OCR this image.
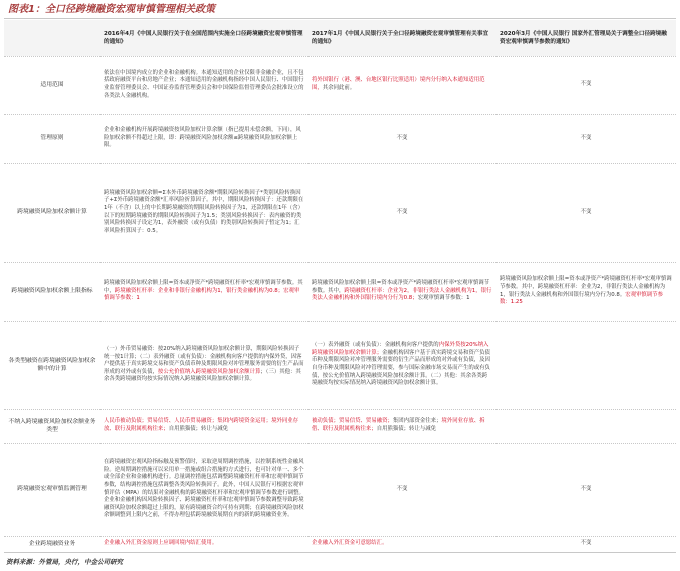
图表1：全口径跨境融资宏观审慎管理相关政策
	2016年4月《中国人民银行关于在全国范围内实施全口径跨境融资宏观审慎管理的通知》	2017年1月《中国人民银行关于全口径跨境融资宏观审慎管理有关事宜的通知》	2020年3月《中国人民银行 国家外汇管理局关于调整全口径跨境融资宏观审慎调节参数的通知》
适用范围	依法在中国境内成立的企业和金融机构。本通知适用的企业仅限非金融企业，且不包括政府融资平台和房地产企业；本通知适用的金融机构指经中国人民银行、中国银行业监督管理委员会、中国证券监督管理委员会和中国保险监督管理委员会批准设立的各类法人金融机构。	将外国银行（港、澳、台地区银行比照适用）境内分行纳入本通知适用范围，其余同此前。	不变
管理原则	企业和金融机构开展跨境融资按风险加权计算余额（指已提用未偿余额，下同），风险加权余额不得超过上限，即：跨境融资风险加权余额≤跨境融资风险加权余额上限。	不变	不变
跨境融资风险加权余额计算	跨境融资风险加权余额=Σ本外币跨境融资余额*期限风险转换因子*类别风险转换因子+Σ外币跨境融资余额*汇率风险折算因子。其中，期限风险转换因子：还款期限在1年（不含）以上的中长期跨境融资的期限风险转换因子为1，还款期限在1年（含）以下的短期跨境融资的期限风险转换因子为1.5；类别风险转换因子：表内融资的类别风险转换因子设定为1，表外融资（或有负债）的类别风险转换因子暂定为1；汇率风险折算因子：0.5。	不变	不变
跨境融资风险加权余额上限指标	跨境融资风险加权余额上限=资本或净资产*跨境融资杠杆率*宏观审慎调节参数。其中，跨境融资杠杆率：企业和非银行金融机构为1，银行类金融机构为0.8；宏观审慎调节参数：1	跨境融资风险加权余额上限=资本或净资产*跨境融资杠杆率*宏观审慎调节参数。其中，跨境融资杠杆率：企业为2，非银行类法人金融机构为1，银行类法人金融机构和外国银行境内分行为0.8；宏观审慎调节参数：1	跨境融资风险加权余额上限=资本或净资产*跨境融资杠杆率*宏观审慎调节参数。其中，跨境融资杠杆率：企业为2，非银行类法人金融机构为1，银行类法人金融机构和外国银行境内分行为0.8。宏观审慎调节参数：1.25
各类型融资在跨境融资风险加权余额中的计算	（一）外币贸易融资：按20%纳入跨境融资风险加权余额计算，期限风险转换因子统一按1计算；（二）表外融资（或有负债）：金融机构向客户提供的内保外贷，因客户提供基于真实跨境交易和资产负债币种及期限风险对冲管理服务需要的衍生产品而形成的对外或有负债，按公允价值纳入跨境融资风险加权余额计算；（三）其他：其余各类跨境融资均按实际情况纳入跨境融资风险加权余额计算。	（一）表外融资（或有负债）：金融机构向客户提供的内保外贷按20%纳入跨境融资风险加权余额计算；金融机构因客户基于真实跨境交易和资产负债币种及期限风险对冲管理服务需要的衍生产品而形成的对外或有负债，及因自身币种及期限风险对冲管理需要，参与国际金融市场交易而产生的或有负债，按公允价值纳入跨境融资风险加权余额计算。（二）其他：其余各类跨境融资均按实际情况纳入跨境融资风险加权余额计算。	
不纳入跨境融资风险加权余额业务类型	人民币被动负债；贸易信贷、人民币贸易融资；集团内跨境资金运用；境外同业存放、联行及附属机构往来；自用熊猫债；转让与减免	被动负债；贸易信贷、贸易融资；集团内部资金往来；境外同业存放、拆借、联行及附属机构往来；自用熊猫债；转让与减免	
跨境融资宏观审慎监测管理	在跨境融资宏观风险指标触及预警值时，采取逆周期调控措施，以控制系统性金融风险。逆周期调控措施可以采用单一措施或组合措施的方式进行，也可针对单一、多个或全部企业和金融机构进行。总量调控措施包括调整跨境融资杠杆率和宏观审慎调节参数，结构调控措施包括调整各类风险转换因子。此外，中国人民银行可根据宏观审慎评估（MPA）的结果对金融机构的跨境融资杠杆率和宏观审慎调节参数进行调整。企业和金融机构因风险转换因子、跨境融资杠杆率和宏观审慎调节参数调整导致跨境融资风险加权余额超过上限的，原有跨境融资合约可持有到期；在跨境融资风险加权余额调整到上限内之前，不得办理包括跨境融资展期在内的新的跨境融资业务。	不变	不变
企业跨境融资业务	企业融入外汇资金原则上应调回境内结汇使用。	企业融入外汇资金可意愿结汇。	不变
资料来源：外管局，央行，中金公司研究
